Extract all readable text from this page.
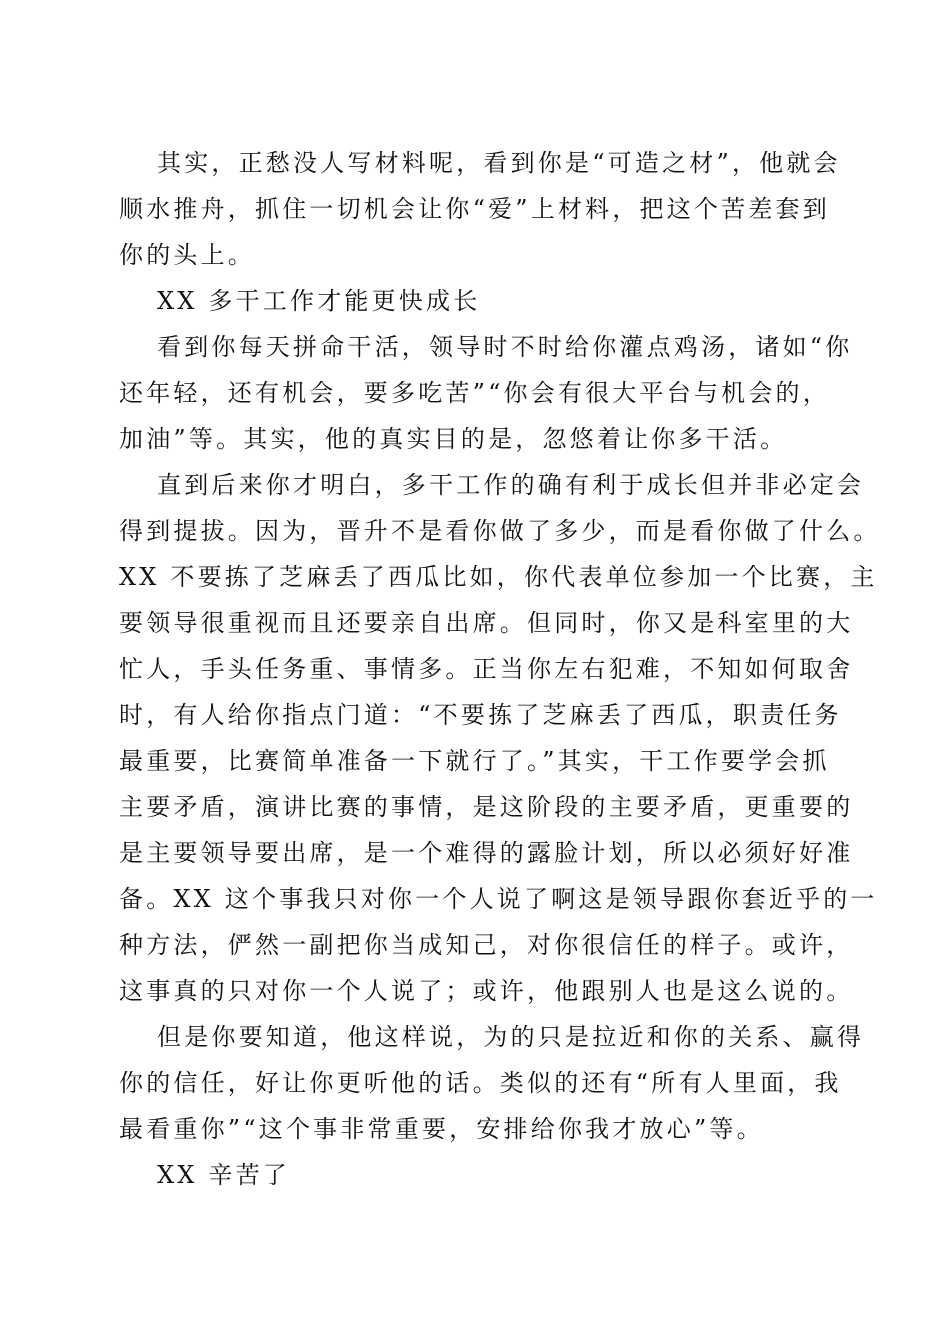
其实，正愁没人写材料呢，看到你是“可造之材”，他就会
顺水推舟，抓住一切机会让你“爱”上材料，把这个苦差套到
你的头上。
XX 多干工作才能更快成长
看到你每天拼命干活，领导时不时给你灌点鸡汤，诸如“你
还年轻，还有机会，要多吃苦”“你会有很大平台与机会的，
加油”等。其实，他的真实目的是，忽悠着让你多干活。
直到后来你才明白，多干工作的确有利于成长但并非必定会
得到提拔。因为，晋升不是看你做了多少，而是看你做了什么。
XX 不要拣了芝麻丢了西瓜比如，你代表单位参加一个比赛，主
要领导很重视而且还要亲自出席。但同时，你又是科室里的大
忙人，手头任务重、事情多。正当你左右犯难，不知如何取舍
时，有人给你指点门道：“不要拣了芝麻丢了西瓜，职责任务
最重要，比赛简单准备一下就行了。”其实，干工作要学会抓
主要矛盾，演讲比赛的事情，是这阶段的主要矛盾，更重要的
是主要领导要出席，是一个难得的露脸计划，所以必须好好准
备。XX 这个事我只对你一个人说了啊这是领导跟你套近乎的一
种方法，俨然一副把你当成知己，对你很信任的样子。或许，
这事真的只对你一个人说了；或许，他跟别人也是这么说的。
但是你要知道，他这样说，为的只是拉近和你的关系、赢得
你的信任，好让你更听他的话。类似的还有“所有人里面，我
最看重你”“这个事非常重要，安排给你我才放心”等。
XX 辛苦了
